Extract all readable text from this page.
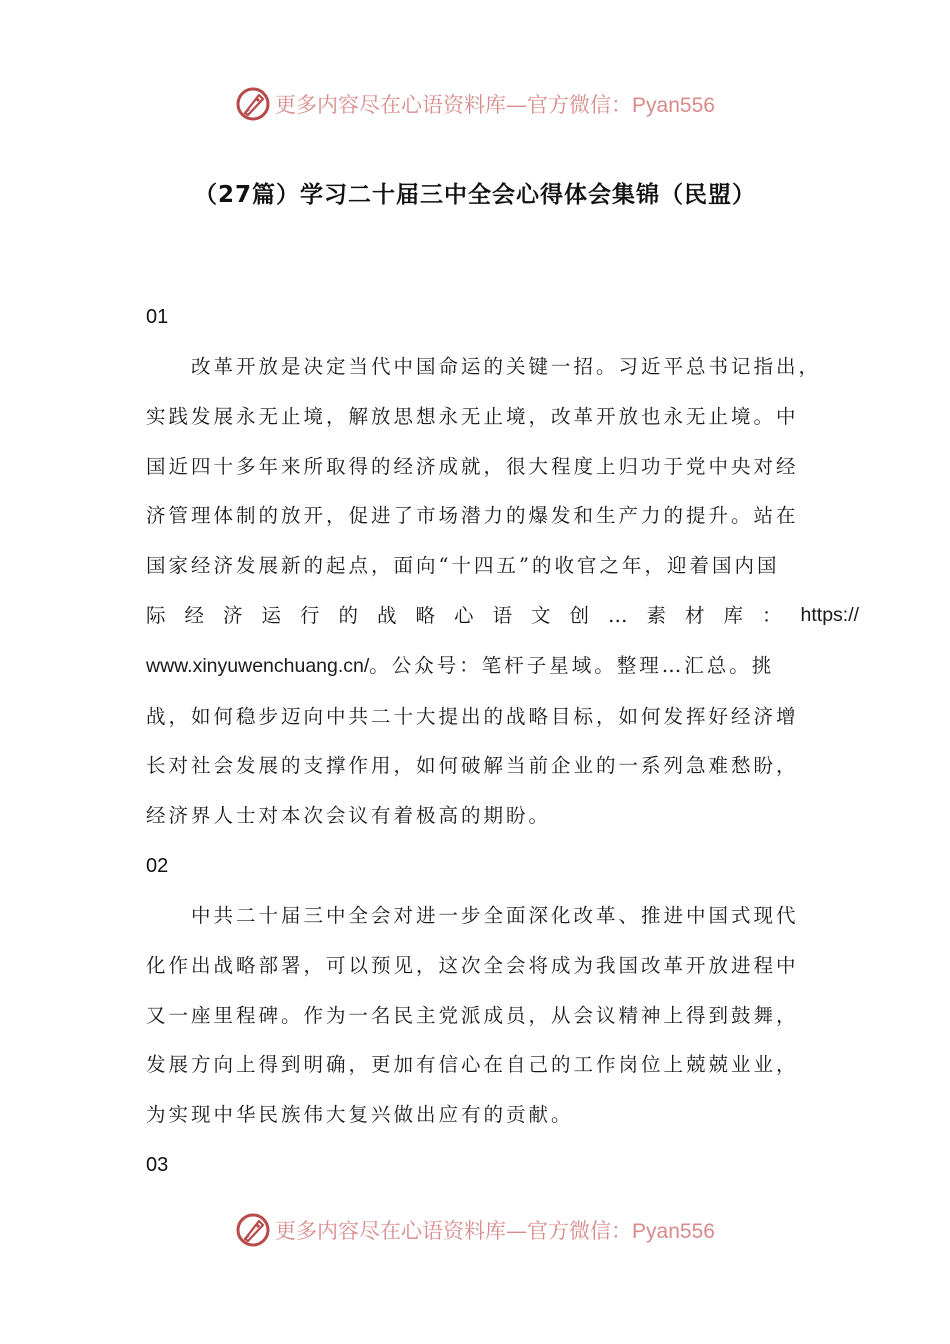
更多内容尽在心语资料库—官方微信：Pyan556
（27篇）学习二十届三中全会心得体会集锦（民盟）
01
改革开放是决定当代中国命运的关键一招。习近平总书记指出，
实践发展永无止境，解放思想永无止境，改革开放也永无止境。中
国近四十多年来所取得的经济成就，很大程度上归功于党中央对经
济管理体制的放开，促进了市场潜力的爆发和生产力的提升。站在
国家经济发展新的起点，面向“十四五”的收官之年，迎着国内国
际经济运行的战略心语文创…素材库： https://
www.xinyuwenchuang.cn/。公众号：笔杆子星域。整理…汇总。挑
战，如何稳步迈向中共二十大提出的战略目标，如何发挥好经济增
长对社会发展的支撑作用，如何破解当前企业的一系列急难愁盼，
经济界人士对本次会议有着极高的期盼。
02
中共二十届三中全会对进一步全面深化改革、推进中国式现代
化作出战略部署，可以预见，这次全会将成为我国改革开放进程中
又一座里程碑。作为一名民主党派成员，从会议精神上得到鼓舞，
发展方向上得到明确，更加有信心在自己的工作岗位上兢兢业业，
为实现中华民族伟大复兴做出应有的贡献。
03
更多内容尽在心语资料库—官方微信：Pyan556
